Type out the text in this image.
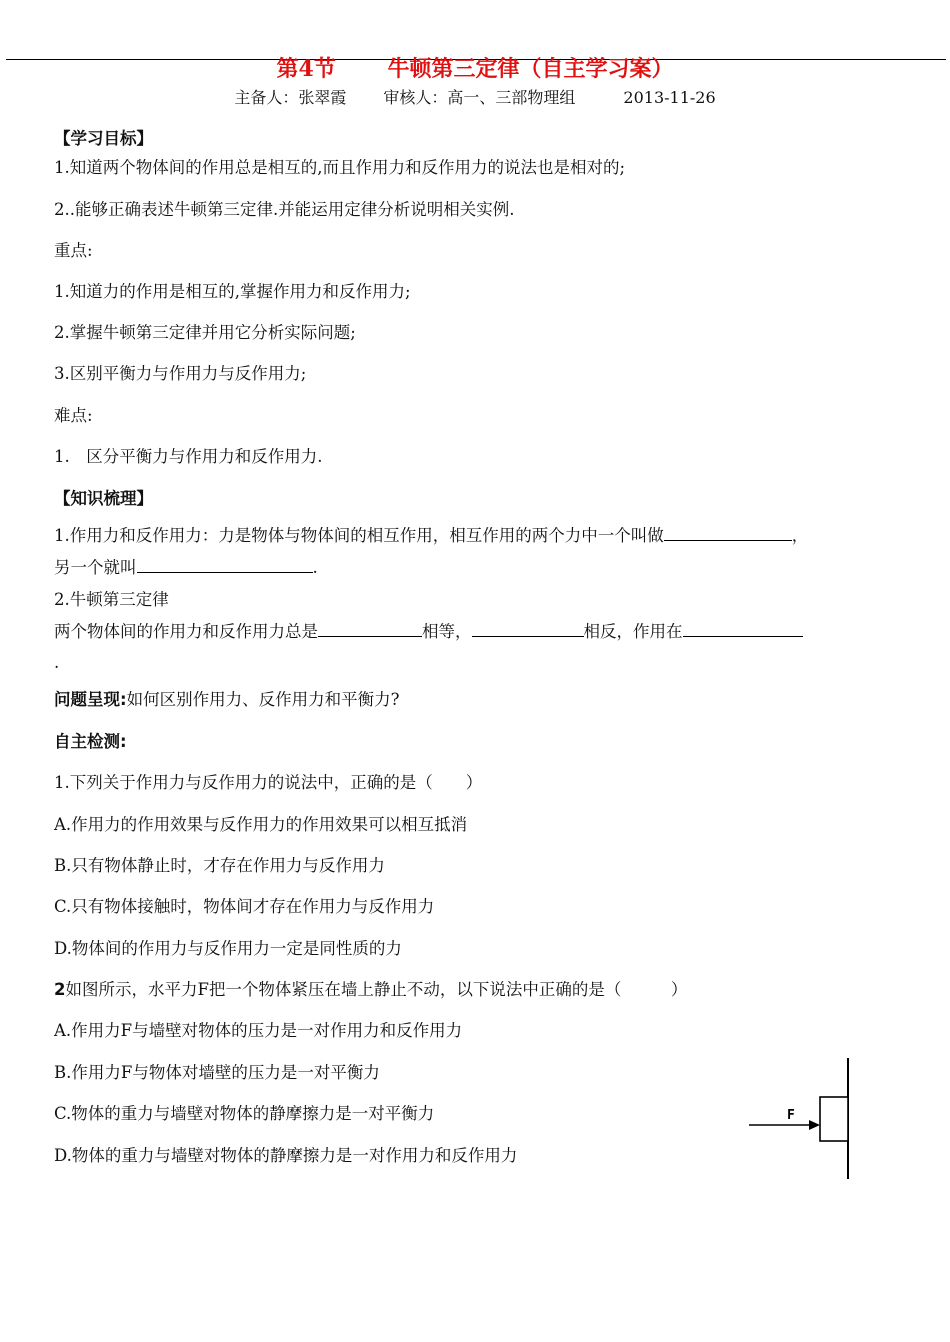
第4节　　 牛顿第三定律（自主学习案）
主备人：张翠霞　　 审核人：高一、三部物理组　　　2013-11-26
【学习目标】
1.知道两个物体间的作用总是相互的,而且作用力和反作用力的说法也是相对的;
2..能够正确表述牛顿第三定律.并能运用定律分析说明相关实例.
重点:
1.知道力的作用是相互的,掌握作用力和反作用力;
2.掌握牛顿第三定律并用它分析实际问题;
3.区别平衡力与作用力与反作用力;
难点:
1.　区分平衡力与作用力和反作用力.
【知识梳理】
1.作用力和反作用力：力是物体与物体间的相互作用，相互作用的两个力中一个叫做	，
另一个就叫	.
2.牛顿第三定律
两个物体间的作用力和反作用力总是	相等，	相反，作用在
.
问题呈现:如何区别作用力、反作用力和平衡力?
自主检测:
1.下列关于作用力与反作用力的说法中，正确的是（　　）
A.作用力的作用效果与反作用力的作用效果可以相互抵消
B.只有物体静止时，才存在作用力与反作用力
C.只有物体接触时，物体间才存在作用力与反作用力
D.物体间的作用力与反作用力一定是同性质的力
2如图所示，水平力F把一个物体紧压在墙上静止不动，以下说法中正确的是（　　　）
A.作用力F与墙壁对物体的压力是一对作用力和反作用力
B.作用力F与物体对墙壁的压力是一对平衡力
C.物体的重力与墙壁对物体的静摩擦力是一对平衡力
D.物体的重力与墙壁对物体的静摩擦力是一对作用力和反作用力
F
